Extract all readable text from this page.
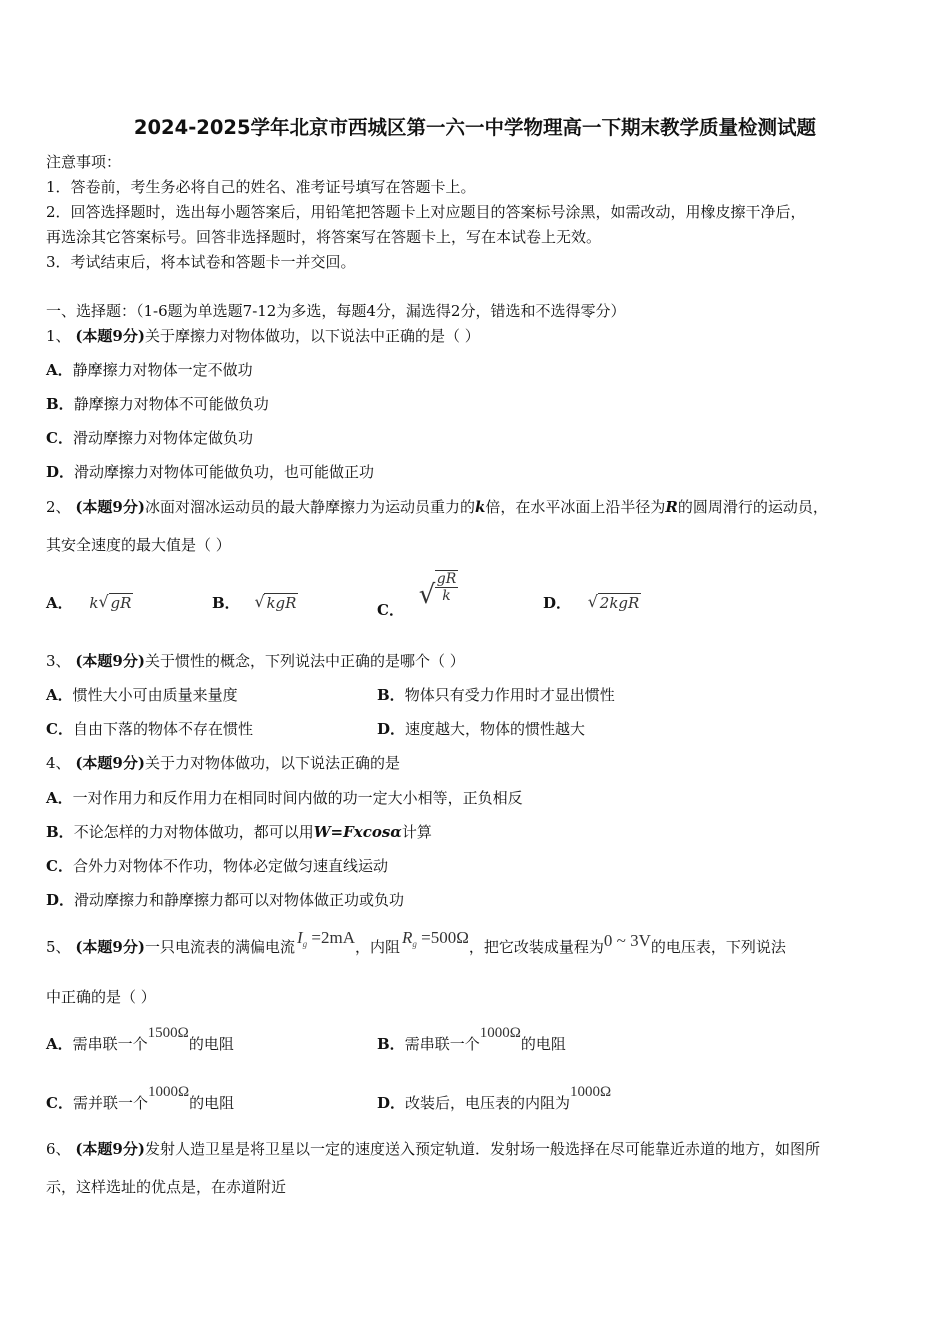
2024-2025学年北京市西城区第一六一中学物理高一下期末教学质量检测试题
注意事项：
1．答卷前，考生务必将自己的姓名、准考证号填写在答题卡上。
2．回答选择题时，选出每小题答案后，用铅笔把答题卡上对应题目的答案标号涂黑，如需改动，用橡皮擦干净后，
再选涂其它答案标号。回答非选择题时，将答案写在答题卡上，写在本试卷上无效。
3．考试结束后，将本试卷和答题卡一并交回。
一、选择题：（1-6题为单选题7-12为多选，每题4分，漏选得2分，错选和不选得零分）
1、 (本题9分)关于摩擦力对物体做功，以下说法中正确的是（ ）
A．静摩擦力对物体一定不做功
B．静摩擦力对物体不可能做负功
C．滑动摩擦力对物体定做负功
D．滑动摩擦力对物体可能做负功，也可能做正功
2、 (本题9分)冰面对溜冰运动员的最大静摩擦力为运动员重力的k倍，在水平冰面上沿半径为R的圆周滑行的运动员，
其安全速度的最大值是（ ）
A． k √ gR	B． √ kgR	C． √ $\frac{gR}{k}$	D． √ 2kgR
3、 (本题9分)关于惯性的概念，下列说法中正确的是哪个（ ）
A．惯性大小可由质量来量度	B．物体只有受力作用时才显出惯性
C．自由下落的物体不存在惯性	D．速度越大，物体的惯性越大
4、 (本题9分)关于力对物体做功，以下说法正确的是
A．一对作用力和反作用力在相同时间内做的功一定大小相等，正负相反
B．不论怎样的力对物体做功，都可以用W=Fxcosα计算
C．合外力对物体不作功，物体必定做匀速直线运动
D．滑动摩擦力和静摩擦力都可以对物体做正功或负功
5、 (本题9分)一只电流表的满偏电流 $I_g =2mA$，内阻 $R_g =500\Omega$，把它改装成量程为0 ~ 3V的电压表，下列说法
中正确的是（ ）
A．需串联一个1500Ω的电阻	B．需串联一个1000Ω的电阻
C．需并联一个1000Ω的电阻	D．改装后，电压表的内阻为1000Ω
6、 (本题9分)发射人造卫星是将卫星以一定的速度送入预定轨道．发射场一般选择在尽可能靠近赤道的地方，如图所
示，这样选址的优点是，在赤道附近
